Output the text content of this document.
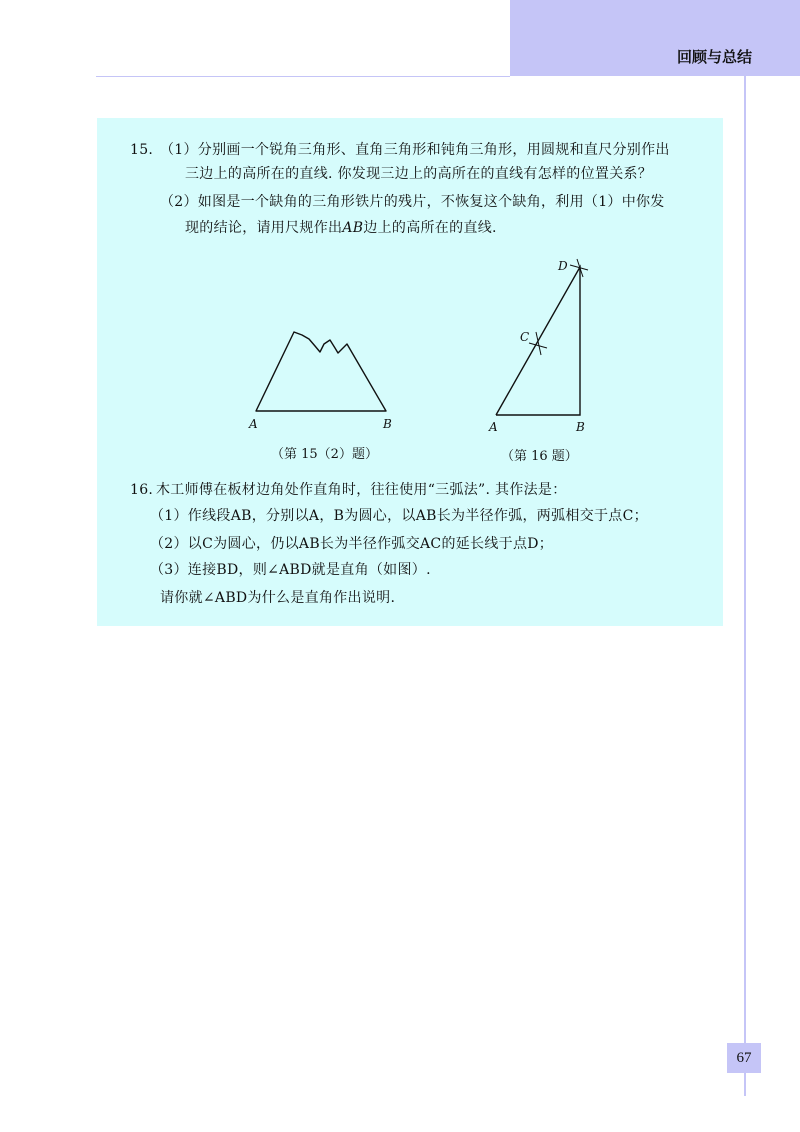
回顾与总结
15. （1）分别画一个锐角三角形、直角三角形和钝角三角形，用圆规和直尺分别作出
三边上的高所在的直线. 你发现三边上的高所在的直线有怎样的位置关系？
（2）如图是一个缺角的三角形铁片的残片，不恢复这个缺角，利用（1）中你发
现的结论，请用尺规作出AB边上的高所在的直线.
A	B
（第 15（2）题）
A	B
C
D
（第 16 题）
16. 木工师傅在板材边角处作直角时，往往使用“三弧法”. 其作法是：
（1）作线段AB，分别以A，B为圆心，以AB长为半径作弧，两弧相交于点C；
（2）以C为圆心，仍以AB长为半径作弧交AC的延长线于点D；
（3）连接BD，则∠ABD就是直角（如图）.
请你就∠ABD为什么是直角作出说明.
67
